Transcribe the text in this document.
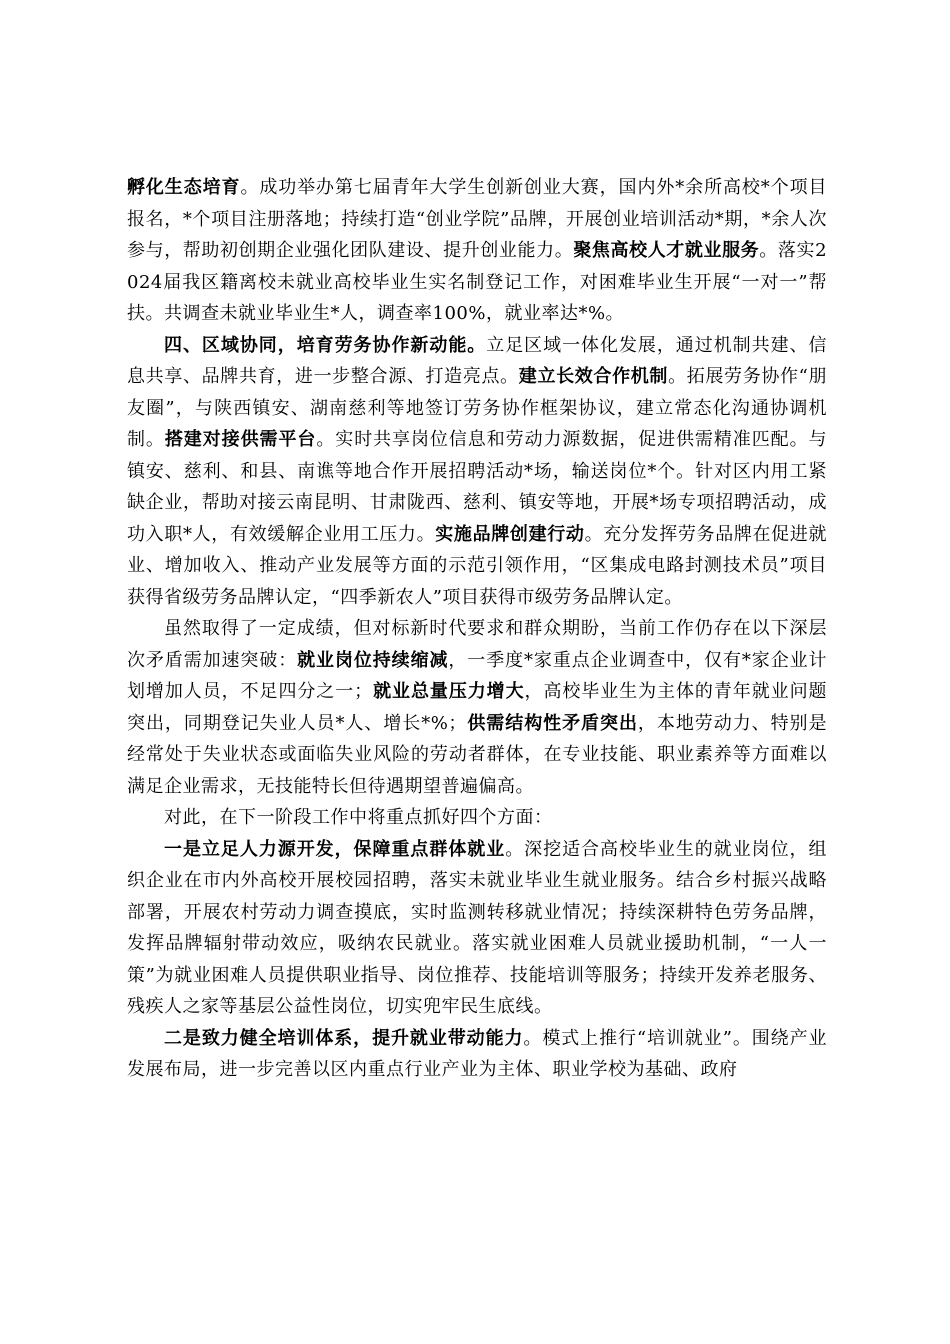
孵化生态培育。成功举办第七届青年大学生创新创业大赛，国内外*余所高校*个项目报名，*个项目注册落地；持续打造“创业学院”品牌，开展创业培训活动*期，*余人次参与，帮助初创期企业强化团队建设、提升创业能力。聚焦高校人才就业服务。落实2024届我区籍离校未就业高校毕业生实名制登记工作，对困难毕业生开展“一对一”帮扶。共调查未就业毕业生*人，调查率100%，就业率达*%。

四、区域协同，培育劳务协作新动能。立足区域一体化发展，通过机制共建、信息共享、品牌共育，进一步整合源、打造亮点。建立长效合作机制。拓展劳务协作“朋友圈”，与陕西镇安、湖南慈利等地签订劳务协作框架协议，建立常态化沟通协调机制。搭建对接供需平台。实时共享岗位信息和劳动力源数据，促进供需精准匹配。与镇安、慈利、和县、南谯等地合作开展招聘活动*场，输送岗位*个。针对区内用工紧缺企业，帮助对接云南昆明、甘肃陇西、慈利、镇安等地，开展*场专项招聘活动，成功入职*人，有效缓解企业用工压力。实施品牌创建行动。充分发挥劳务品牌在促进就业、增加收入、推动产业发展等方面的示范引领作用，“区集成电路封测技术员”项目获得省级劳务品牌认定，“四季新农人”项目获得市级劳务品牌认定。

虽然取得了一定成绩，但对标新时代要求和群众期盼，当前工作仍存在以下深层次矛盾需加速突破：就业岗位持续缩减，一季度*家重点企业调查中，仅有*家企业计划增加人员，不足四分之一；就业总量压力增大，高校毕业生为主体的青年就业问题突出，同期登记失业人员*人、增长*%；供需结构性矛盾突出，本地劳动力、特别是经常处于失业状态或面临失业风险的劳动者群体，在专业技能、职业素养等方面难以满足企业需求，无技能特长但待遇期望普遍偏高。

对此，在下一阶段工作中将重点抓好四个方面：

一是立足人力源开发，保障重点群体就业。深挖适合高校毕业生的就业岗位，组织企业在市内外高校开展校园招聘，落实未就业毕业生就业服务。结合乡村振兴战略部署，开展农村劳动力调查摸底，实时监测转移就业情况；持续深耕特色劳务品牌，发挥品牌辐射带动效应，吸纳农民就业。落实就业困难人员就业援助机制，“一人一策”为就业困难人员提供职业指导、岗位推荐、技能培训等服务；持续开发养老服务、残疾人之家等基层公益性岗位，切实兜牢民生底线。

二是致力健全培训体系，提升就业带动能力。模式上推行“培训就业”。围绕产业发展布局，进一步完善以区内重点行业产业为主体、职业学校为基础、政府
